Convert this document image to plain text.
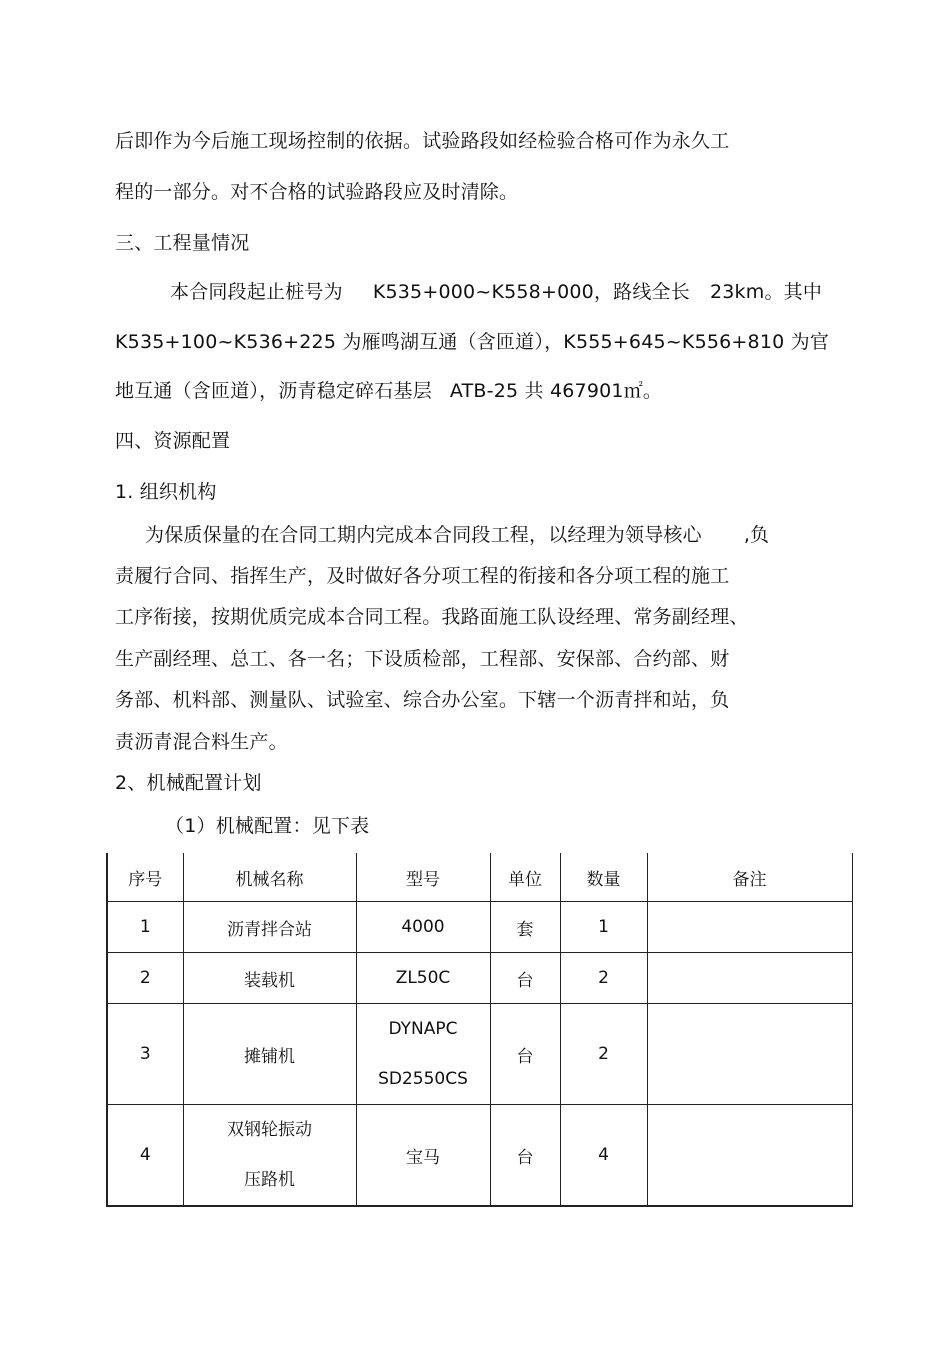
后即作为今后施工现场控制的依据。试验路段如经检验合格可作为永久工
程的一部分。对不合格的试验路段应及时清除。
三、工程量情况
本合同段起止桩号为 K535+000~K558+000，路线全长 23km。其中
K535+100~K536+225 为雁鸣湖互通（含匝道），K555+645~K556+810 为官
地互通（含匝道），沥青稳定碎石基层 ATB-25 共 467901㎡。
四、资源配置
1. 组织机构
为保质保量的在合同工期内完成本合同段工程，以经理为领导核心 ,负
责履行合同、指挥生产，及时做好各分项工程的衔接和各分项工程的施工
工序衔接，按期优质完成本合同工程。我路面施工队设经理、常务副经理、
生产副经理、总工、各一名；下设质检部，工程部、安保部、合约部、财
务部、机料部、测量队、试验室、综合办公室。下辖一个沥青拌和站，负
责沥青混合料生产。
2、机械配置计划
（1）机械配置：见下表
序号	机械名称	型号	单位	数量	备注
1	沥青拌合站	4000	套	1	
2	装载机	ZL50C	台	2	
3	摊铺机	DYNAPC
SD2550CS	台	2	
4	双钢轮振动
压路机	宝马	台	4	
